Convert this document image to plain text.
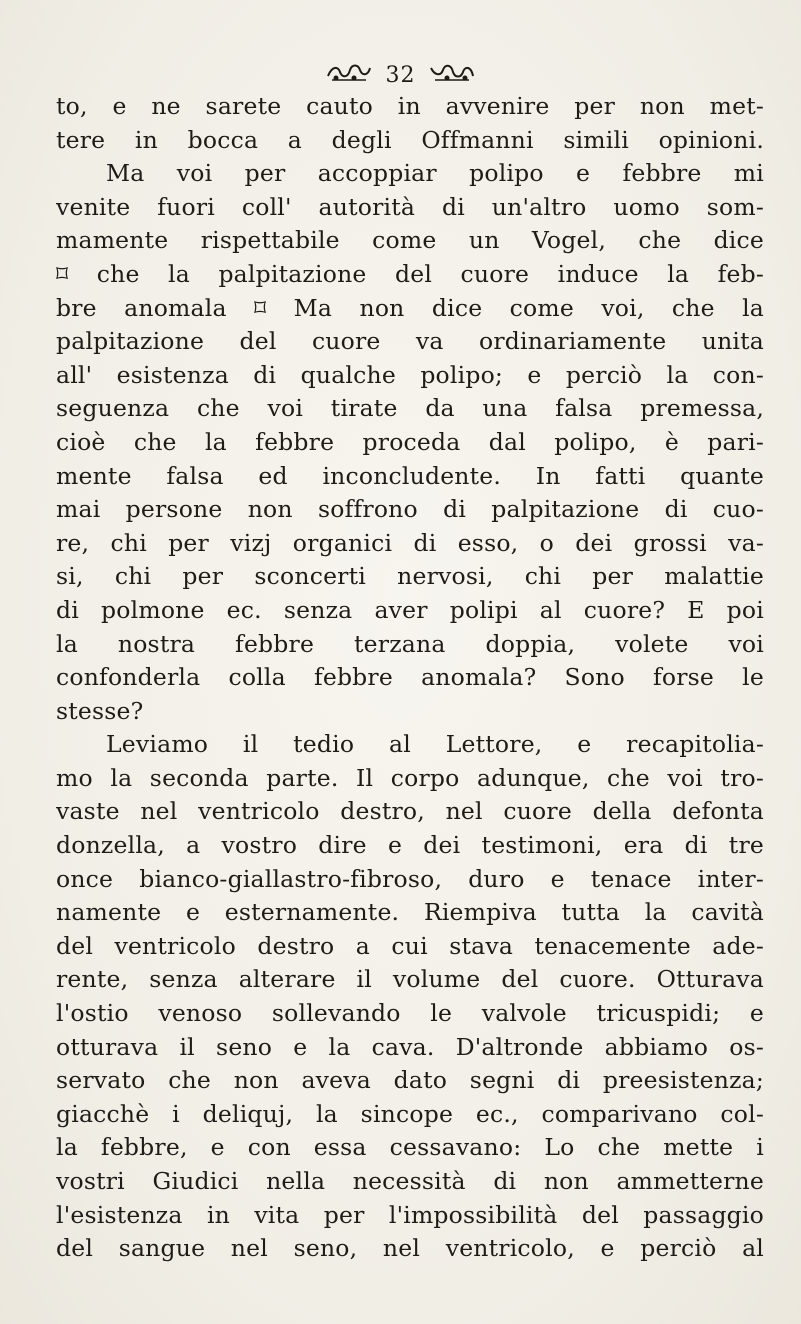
32
to, e ne sarete cauto in avvenire per non met-
tere in bocca a degli Offmanni simili opinioni.
Ma voi per accoppiar polipo e febbre mi
venite fuori coll' autorità di un'altro uomo som-
mamente rispettabile come un Vogel, che dice
⌑ che la palpitazione del cuore induce la feb-
bre anomala ⌑ Ma non dice come voi, che la
palpitazione del cuore va ordinariamente unita
all' esistenza di qualche polipo; e perciò la con-
seguenza che voi tirate da una falsa premessa,
cioè che la febbre proceda dal polipo, è pari-
mente falsa ed inconcludente. In fatti quante
mai persone non soffrono di palpitazione di cuo-
re, chi per vizj organici di esso, o dei grossi va-
si, chi per sconcerti nervosi, chi per malattie
di polmone ec. senza aver polipi al cuore? E poi
la nostra febbre terzana doppia, volete voi
confonderla colla febbre anomala? Sono forse le
stesse?
Leviamo il tedio al Lettore, e recapitolia-
mo la seconda parte. Il corpo adunque, che voi tro-
vaste nel ventricolo destro, nel cuore della defonta
donzella, a vostro dire e dei testimoni, era di tre
once bianco-giallastro-fibroso, duro e tenace inter-
namente e esternamente. Riempiva tutta la cavità
del ventricolo destro a cui stava tenacemente ade-
rente, senza alterare il volume del cuore. Otturava
l'ostio venoso sollevando le valvole tricuspidi; e
otturava il seno e la cava. D'altronde abbiamo os-
servato che non aveva dato segni di preesistenza;
giacchè i deliquj, la sincope ec., comparivano col-
la febbre, e con essa cessavano: Lo che mette i
vostri Giudici nella necessità di non ammetterne
l'esistenza in vita per l'impossibilità del passaggio
del sangue nel seno, nel ventricolo, e perciò al
